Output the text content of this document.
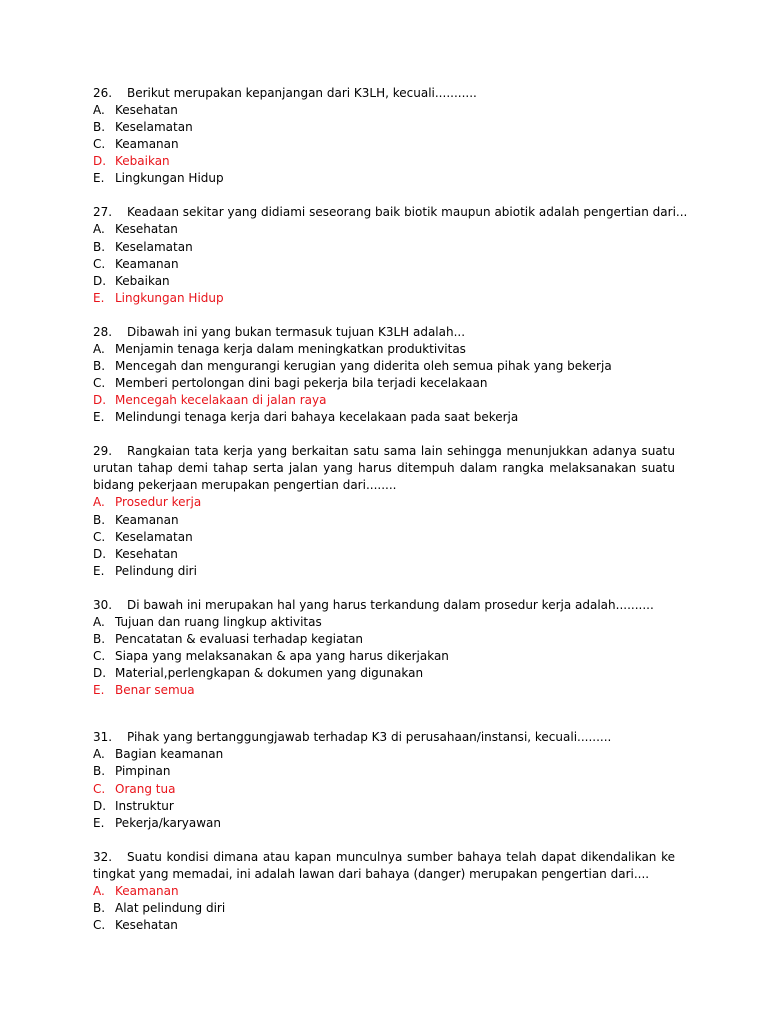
26. Berikut merupakan kepanjangan dari K3LH, kecuali...........
A. Kesehatan
B. Keselamatan
C. Keamanan
D. Kebaikan
E. Lingkungan Hidup
27. Keadaan sekitar yang didiami seseorang baik biotik maupun abiotik adalah pengertian dari...
A. Kesehatan
B. Keselamatan
C. Keamanan
D. Kebaikan
E. Lingkungan Hidup
28. Dibawah ini yang bukan termasuk tujuan K3LH adalah...
A. Menjamin tenaga kerja dalam meningkatkan produktivitas
B. Mencegah dan mengurangi kerugian yang diderita oleh semua pihak yang bekerja
C. Memberi pertolongan dini bagi pekerja bila terjadi kecelakaan
D. Mencegah kecelakaan di jalan raya
E. Melindungi tenaga kerja dari bahaya kecelakaan pada saat bekerja
29. Rangkaian tata kerja yang berkaitan satu sama lain sehingga menunjukkan adanya suatu urutan tahap demi tahap serta jalan yang harus ditempuh dalam rangka melaksanakan suatu bidang pekerjaan merupakan pengertian dari........
A. Prosedur kerja
B. Keamanan
C. Keselamatan
D. Kesehatan
E. Pelindung diri
30. Di bawah ini merupakan hal yang harus terkandung dalam prosedur kerja adalah..........
A. Tujuan dan ruang lingkup aktivitas
B. Pencatatan & evaluasi terhadap kegiatan
C. Siapa yang melaksanakan & apa yang harus dikerjakan
D. Material,perlengkapan & dokumen yang digunakan
E. Benar semua
31. Pihak yang bertanggungjawab terhadap K3 di perusahaan/instansi, kecuali.........
A. Bagian keamanan
B. Pimpinan
C. Orang tua
D. Instruktur
E. Pekerja/karyawan
32. Suatu kondisi dimana atau kapan munculnya sumber bahaya telah dapat dikendalikan ke tingkat yang memadai, ini adalah lawan dari bahaya (danger) merupakan pengertian dari....
A. Keamanan
B. Alat pelindung diri
C. Kesehatan
